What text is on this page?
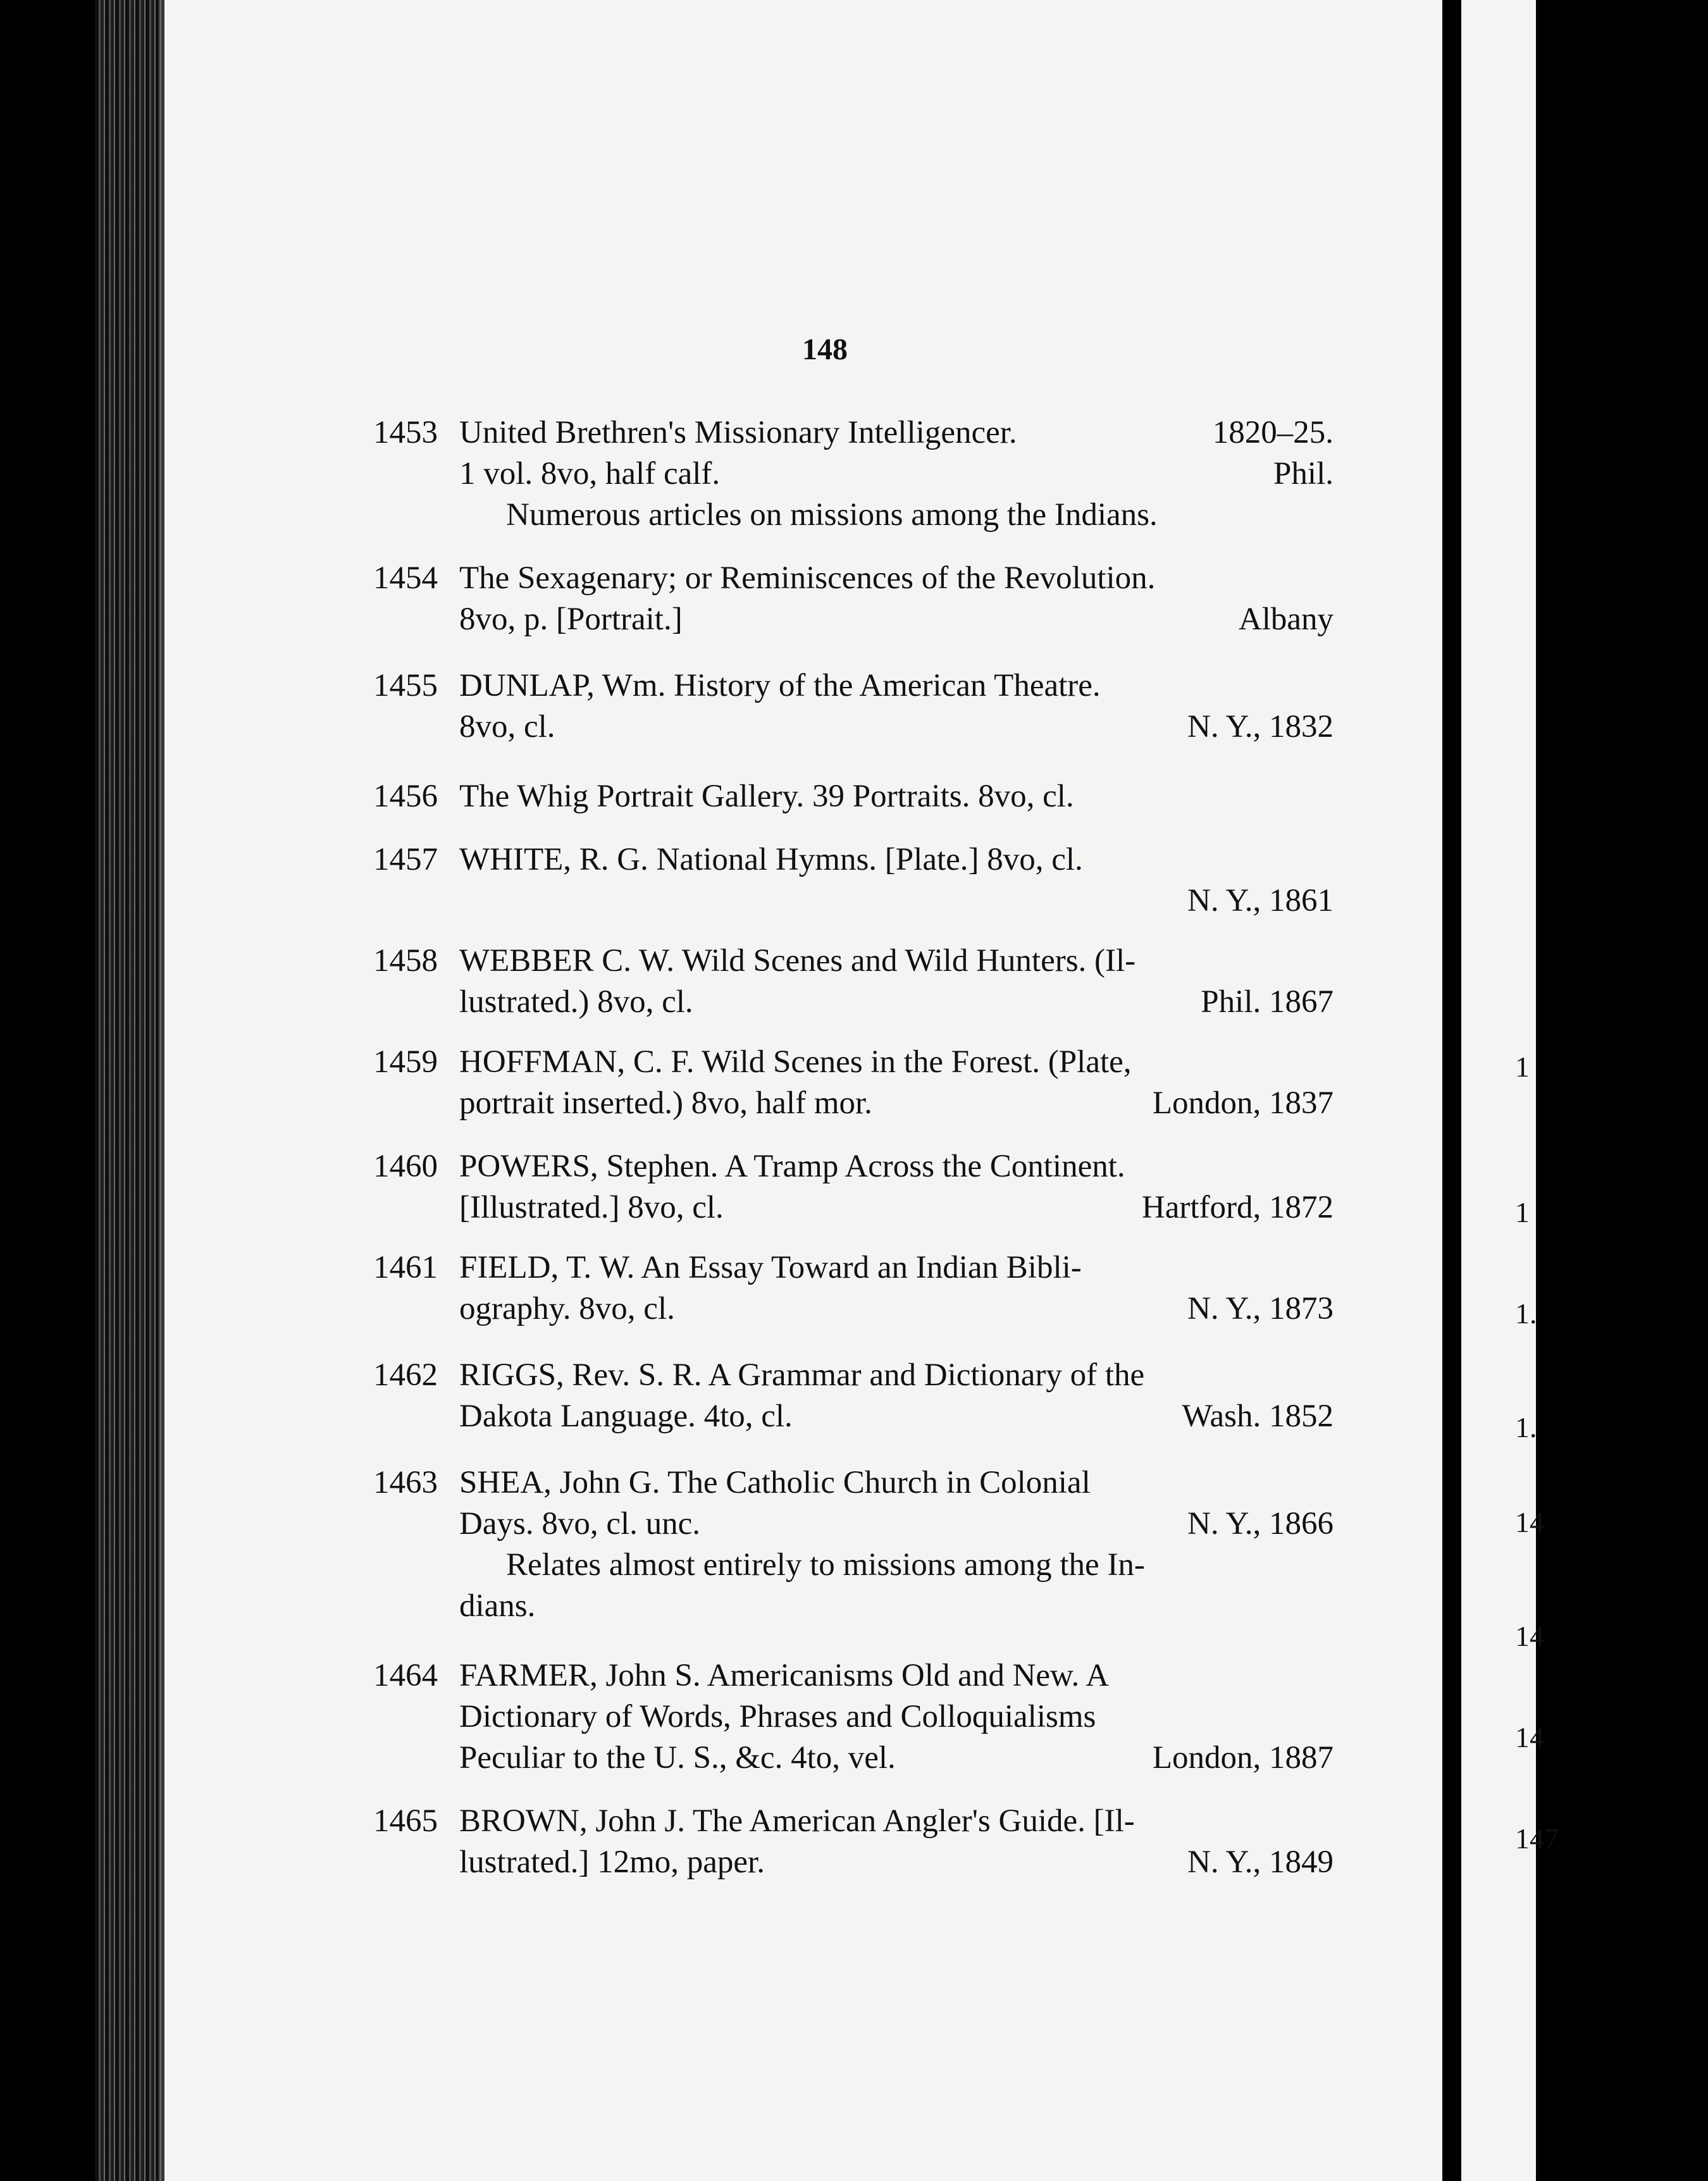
148
1453 United Brethren's Missionary Intelligencer.	1820–25.
1 vol. 8vo, half calf.	Phil.
Numerous articles on missions among the Indians.
1454 The Sexagenary; or Reminiscences of the Revolution.
8vo, p. [Portrait.]	Albany
1455 DUNLAP, Wm. History of the American Theatre.
8vo, cl.	N. Y., 1832
1456 The Whig Portrait Gallery. 39 Portraits. 8vo, cl.
1457 WHITE, R. G. National Hymns. [Plate.] 8vo, cl.
N. Y., 1861
1458 WEBBER C. W. Wild Scenes and Wild Hunters. (Il-
lustrated.) 8vo, cl.	Phil. 1867
1459 HOFFMAN, C. F. Wild Scenes in the Forest. (Plate,
portrait inserted.) 8vo, half mor.	London, 1837
1460 POWERS, Stephen. A Tramp Across the Continent.
[Illustrated.] 8vo, cl.	Hartford, 1872
1461 FIELD, T. W. An Essay Toward an Indian Bibli-
ography. 8vo, cl.	N. Y., 1873
1462 RIGGS, Rev. S. R. A Grammar and Dictionary of the
Dakota Language. 4to, cl.	Wash. 1852
1463 SHEA, John G. The Catholic Church in Colonial
Days. 8vo, cl. unc.	N. Y., 1866
Relates almost entirely to missions among the In-
dians.
1464 FARMER, John S. Americanisms Old and New. A
Dictionary of Words, Phrases and Colloquialisms
Peculiar to the U. S., &c. 4to, vel.	London, 1887
1465 BROWN, John J. The American Angler's Guide. [Il-
lustrated.] 12mo, paper.	N. Y., 1849
1
1
1.
1.
14
14
14
147
